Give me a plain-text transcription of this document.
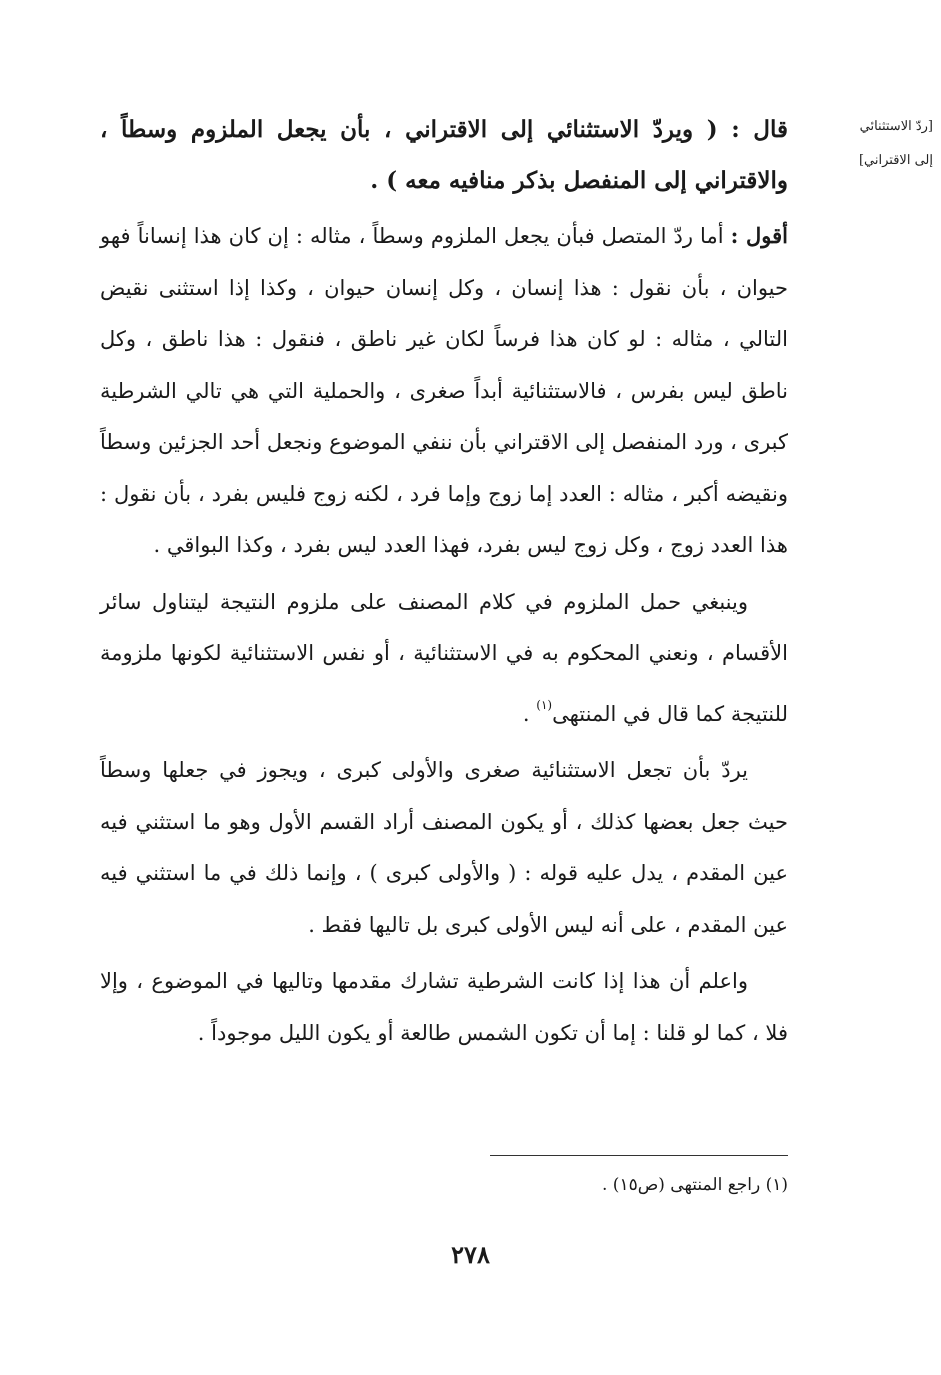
[ردّ الاستثنائي
إلى الاقتراني]
قال : ( ويردّ الاستثنائي إلى الاقتراني ، بأن يجعل الملزوم وسطاً ، والاقتراني إلى المنفصل بذكر منافيه معه ) .

أقول : أما ردّ المتصل فبأن يجعل الملزوم وسطاً ، مثاله : إن كان هذا إنساناً فهو حيوان ، بأن نقول : هذا إنسان ، وكل إنسان حيوان ، وكذا إذا استثنى نقيض التالي ، مثاله : لو كان هذا فرساً لكان غير ناطق ، فنقول : هذا ناطق ، وكل ناطق ليس بفرس ، فالاستثنائية أبداً صغرى ، والحملية التي هي تالي الشرطية كبرى ، ورد المنفصل إلى الاقتراني بأن ننفي الموضوع ونجعل أحد الجزئين وسطاً ونقيضه أكبر ، مثاله : العدد إما زوج وإما فرد ، لكنه زوج فليس بفرد ، بأن نقول : هذا العدد زوج ، وكل زوج ليس بفرد، فهذا العدد ليس بفرد ، وكذا البواقي .

وينبغي حمل الملزوم في كلام المصنف على ملزوم النتيجة ليتناول سائر الأقسام ، ونعني المحكوم به في الاستثنائية ، أو نفس الاستثنائية لكونها ملزومة للنتيجة كما قال في المنتهى$^{(١)}$ .

يردّ بأن تجعل الاستثنائية صغرى والأولى كبرى ، ويجوز في جعلها وسطاً حيث جعل بعضها كذلك ، أو يكون المصنف أراد القسم الأول وهو ما استثني فيه عين المقدم ، يدل عليه قوله : ( والأولى كبرى ) ، وإنما ذلك في ما استثني فيه عين المقدم ، على أنه ليس الأولى كبرى بل تاليها فقط .

واعلم أن هذا إذا كانت الشرطية تشارك مقدمها وتاليها في الموضوع ، وإلا فلا ، كما لو قلنا : إما أن تكون الشمس طالعة أو يكون الليل موجوداً .

(١) راجع المنتهى (ص١٥) .
٢٧٨
